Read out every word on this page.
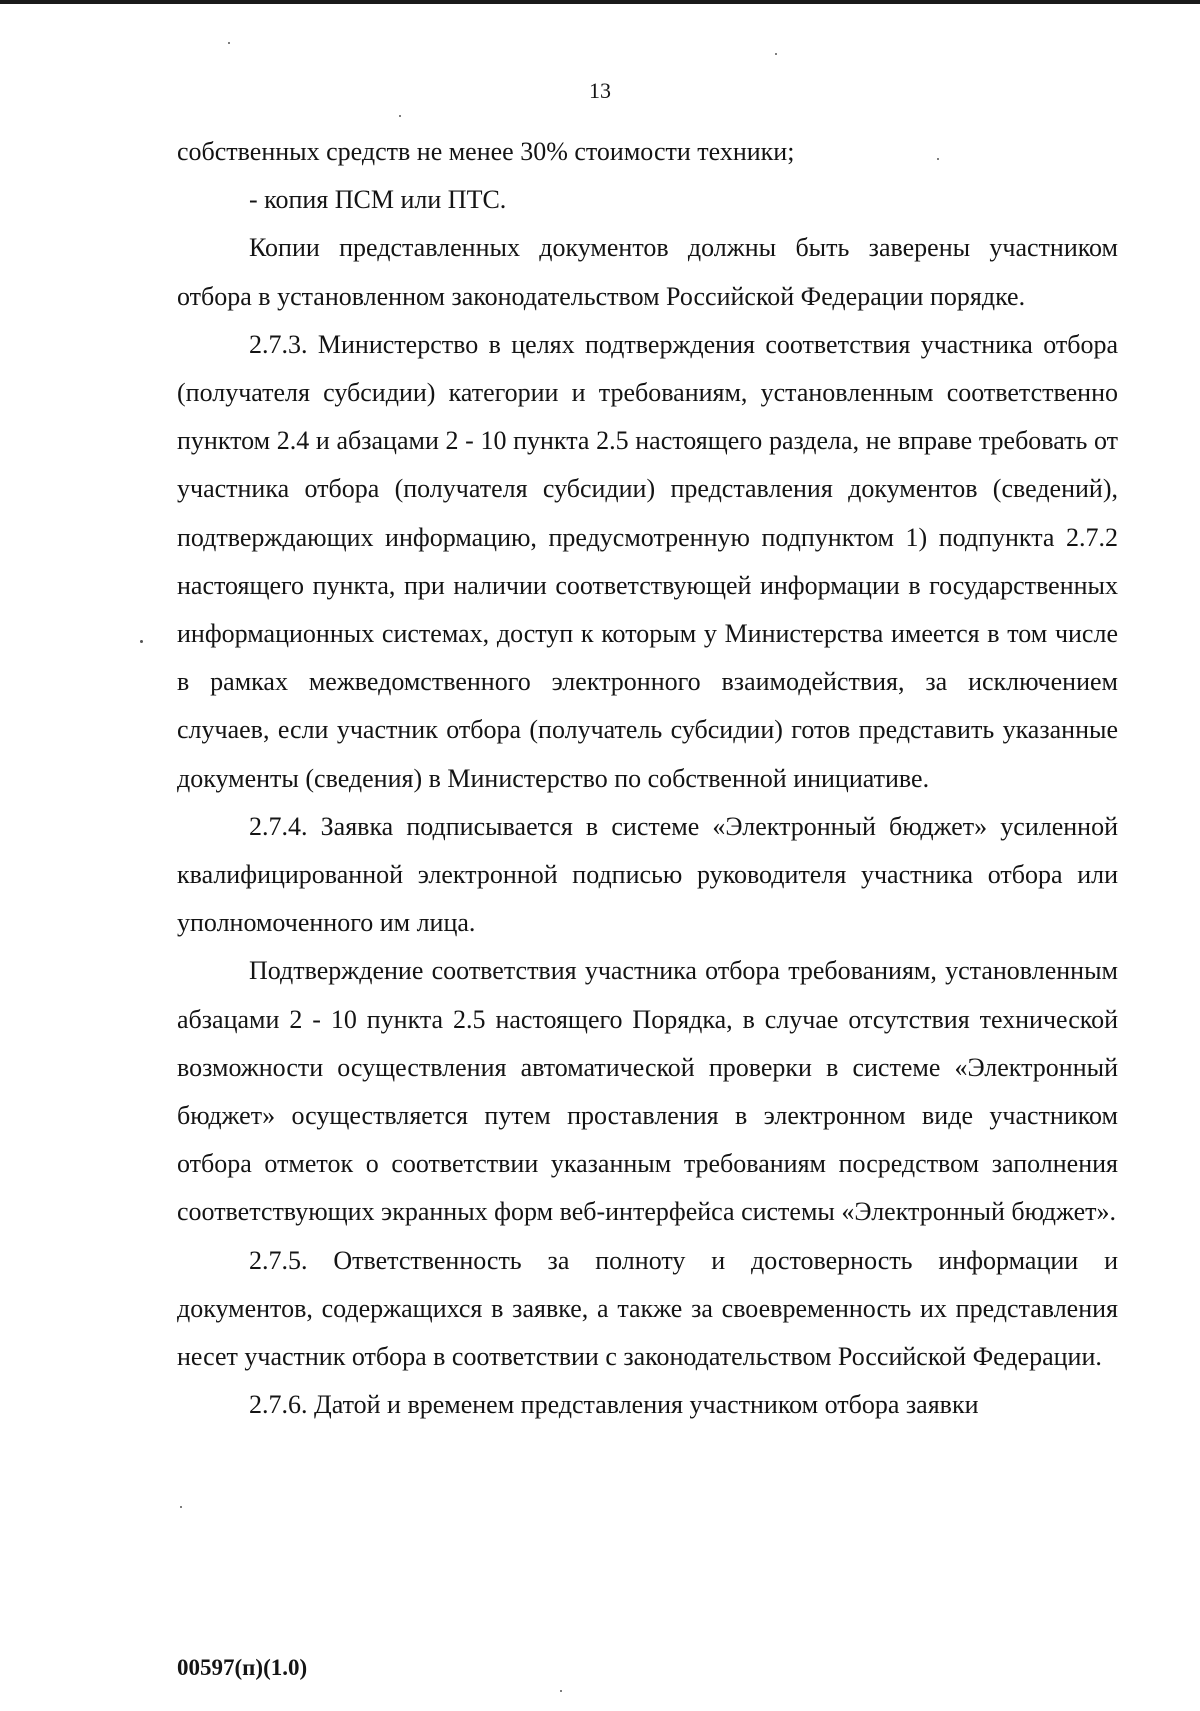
13

собственных средств не менее 30% стоимости техники;

- копия ПСМ или ПТС.

Копии представленных документов должны быть заверены участником отбора в установленном законодательством Российской Федерации порядке.

2.7.3. Министерство в целях подтверждения соответствия участника отбора (получателя субсидии) категории и требованиям, установленным соответственно пунктом 2.4 и абзацами 2 - 10 пункта 2.5 настоящего раздела, не вправе требовать от участника отбора (получателя субсидии) представления документов (сведений), подтверждающих информацию, предусмотренную подпунктом 1) подпункта 2.7.2 настоящего пункта, при наличии соответствующей информации в государственных информационных системах, доступ к которым у Министерства имеется в том числе в рамках межведомственного электронного взаимодействия, за исключением случаев, если участник отбора (получатель субсидии) готов представить указанные документы (сведения) в Министерство по собственной инициативе.

2.7.4. Заявка подписывается в системе «Электронный бюджет» усиленной квалифицированной электронной подписью руководителя участника отбора или уполномоченного им лица.

Подтверждение соответствия участника отбора требованиям, установленным абзацами 2 - 10 пункта 2.5 настоящего Порядка, в случае отсутствия технической возможности осуществления автоматической проверки в системе «Электронный бюджет» осуществляется путем проставления в электронном виде участником отбора отметок о соответствии указанным требованиям посредством заполнения соответствующих экранных форм веб-интерфейса системы «Электронный бюджет».

2.7.5. Ответственность за полноту и достоверность информации и документов, содержащихся в заявке, а также за своевременность их представления несет участник отбора в соответствии с законодательством Российской Федерации.

2.7.6. Датой и временем представления участником отбора заявки

00597(п)(1.0)
